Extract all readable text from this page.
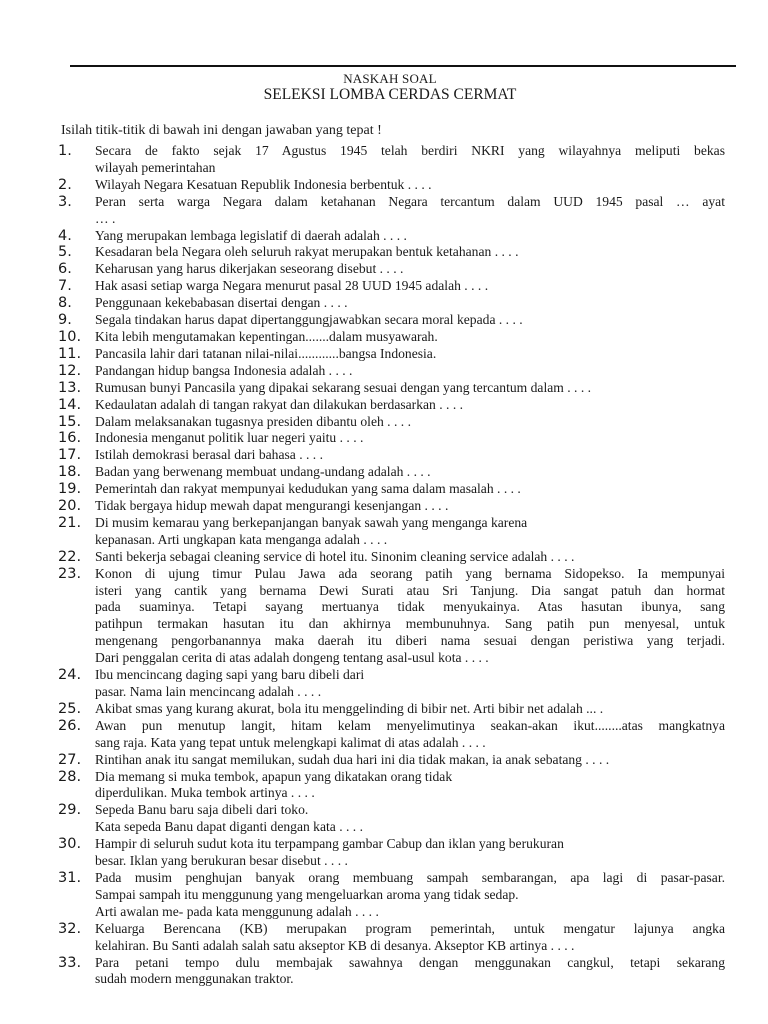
NASKAH SOAL
SELEKSI LOMBA CERDAS CERMAT
Isilah titik-titik di bawah ini dengan jawaban yang tepat !
1.	Secara de fakto sejak 17 Agustus 1945 telah berdiri NKRI yang wilayahnya meliputi bekas
wilayah pemerintahan
2.	Wilayah Negara Kesatuan Republik Indonesia berbentuk . . . .
3.	Peran serta warga Negara dalam ketahanan Negara tercantum dalam UUD 1945 pasal … ayat
… .
4.	Yang merupakan lembaga legislatif di daerah adalah . . . .
5.	Kesadaran bela Negara oleh seluruh rakyat merupakan bentuk ketahanan . . . .
6.	Keharusan yang harus dikerjakan seseorang disebut . . . .
7.	Hak asasi setiap warga Negara menurut pasal 28 UUD 1945 adalah . . . .
8.	Penggunaan kekebabasan disertai dengan . . . .
9.	Segala tindakan harus dapat dipertanggungjawabkan secara moral kepada . . . .
10.	Kita lebih mengutamakan kepentingan.......dalam musyawarah.
11.	Pancasila lahir dari tatanan nilai-nilai............bangsa Indonesia.
12.	Pandangan hidup bangsa Indonesia adalah . . . .
13.	Rumusan bunyi Pancasila yang dipakai sekarang sesuai dengan yang tercantum dalam . . . .
14.	Kedaulatan adalah di tangan rakyat dan dilakukan berdasarkan . . . .
15.	Dalam melaksanakan tugasnya presiden dibantu oleh . . . .
16.	Indonesia menganut politik luar negeri yaitu . . . .
17.	Istilah demokrasi berasal dari bahasa . . . .
18.	Badan yang berwenang membuat undang-undang adalah . . . .
19.	Pemerintah dan rakyat mempunyai kedudukan yang sama dalam masalah . . . .
20.	Tidak bergaya hidup mewah dapat mengurangi kesenjangan . . . .
21.	Di musim kemarau yang berkepanjangan banyak sawah yang menganga karena
kepanasan. Arti ungkapan kata menganga adalah . . . .
22.	Santi bekerja sebagai cleaning service di hotel itu. Sinonim cleaning service adalah . . . .
23.	Konon di ujung timur Pulau Jawa ada seorang patih yang bernama Sidopekso. Ia mempunyai
isteri yang cantik yang bernama Dewi Surati atau Sri Tanjung. Dia sangat patuh dan hormat
pada suaminya. Tetapi sayang mertuanya tidak menyukainya. Atas hasutan ibunya, sang
patihpun termakan hasutan itu dan akhirnya membunuhnya. Sang patih pun menyesal, untuk
mengenang pengorbanannya maka daerah itu diberi nama sesuai dengan peristiwa yang terjadi.
Dari penggalan cerita di atas adalah dongeng tentang asal-usul kota . . . .
24.	Ibu mencincang daging sapi yang baru dibeli dari
pasar. Nama lain mencincang adalah . . . .
25.	Akibat smas yang kurang akurat, bola itu menggelinding di bibir net. Arti bibir net adalah ... .
26.	Awan pun menutup langit, hitam kelam menyelimutinya seakan-akan ikut........atas mangkatnya
sang raja. Kata yang tepat untuk melengkapi kalimat di atas adalah . . . .
27.	Rintihan anak itu sangat memilukan, sudah dua hari ini dia tidak makan, ia anak sebatang . . . .
28.	Dia memang si muka tembok, apapun yang dikatakan orang tidak
diperdulikan. Muka tembok artinya . . . .
29.	Sepeda Banu baru saja dibeli dari toko.
Kata sepeda Banu dapat diganti dengan kata . . . .
30.	Hampir di seluruh sudut kota itu terpampang gambar Cabup dan iklan yang berukuran
besar. Iklan yang berukuran besar disebut . . . .
31.	Pada musim penghujan banyak orang membuang sampah sembarangan, apa lagi di pasar-pasar.
Sampai sampah itu menggunung yang mengeluarkan aroma yang tidak sedap.
Arti awalan me- pada kata menggunung adalah . . . .
32.	Keluarga Berencana (KB) merupakan program pemerintah, untuk mengatur lajunya angka
kelahiran. Bu Santi adalah salah satu akseptor KB di desanya. Akseptor KB artinya . . . .
33.	Para petani tempo dulu membajak sawahnya dengan menggunakan cangkul, tetapi sekarang
sudah modern menggunakan traktor.
